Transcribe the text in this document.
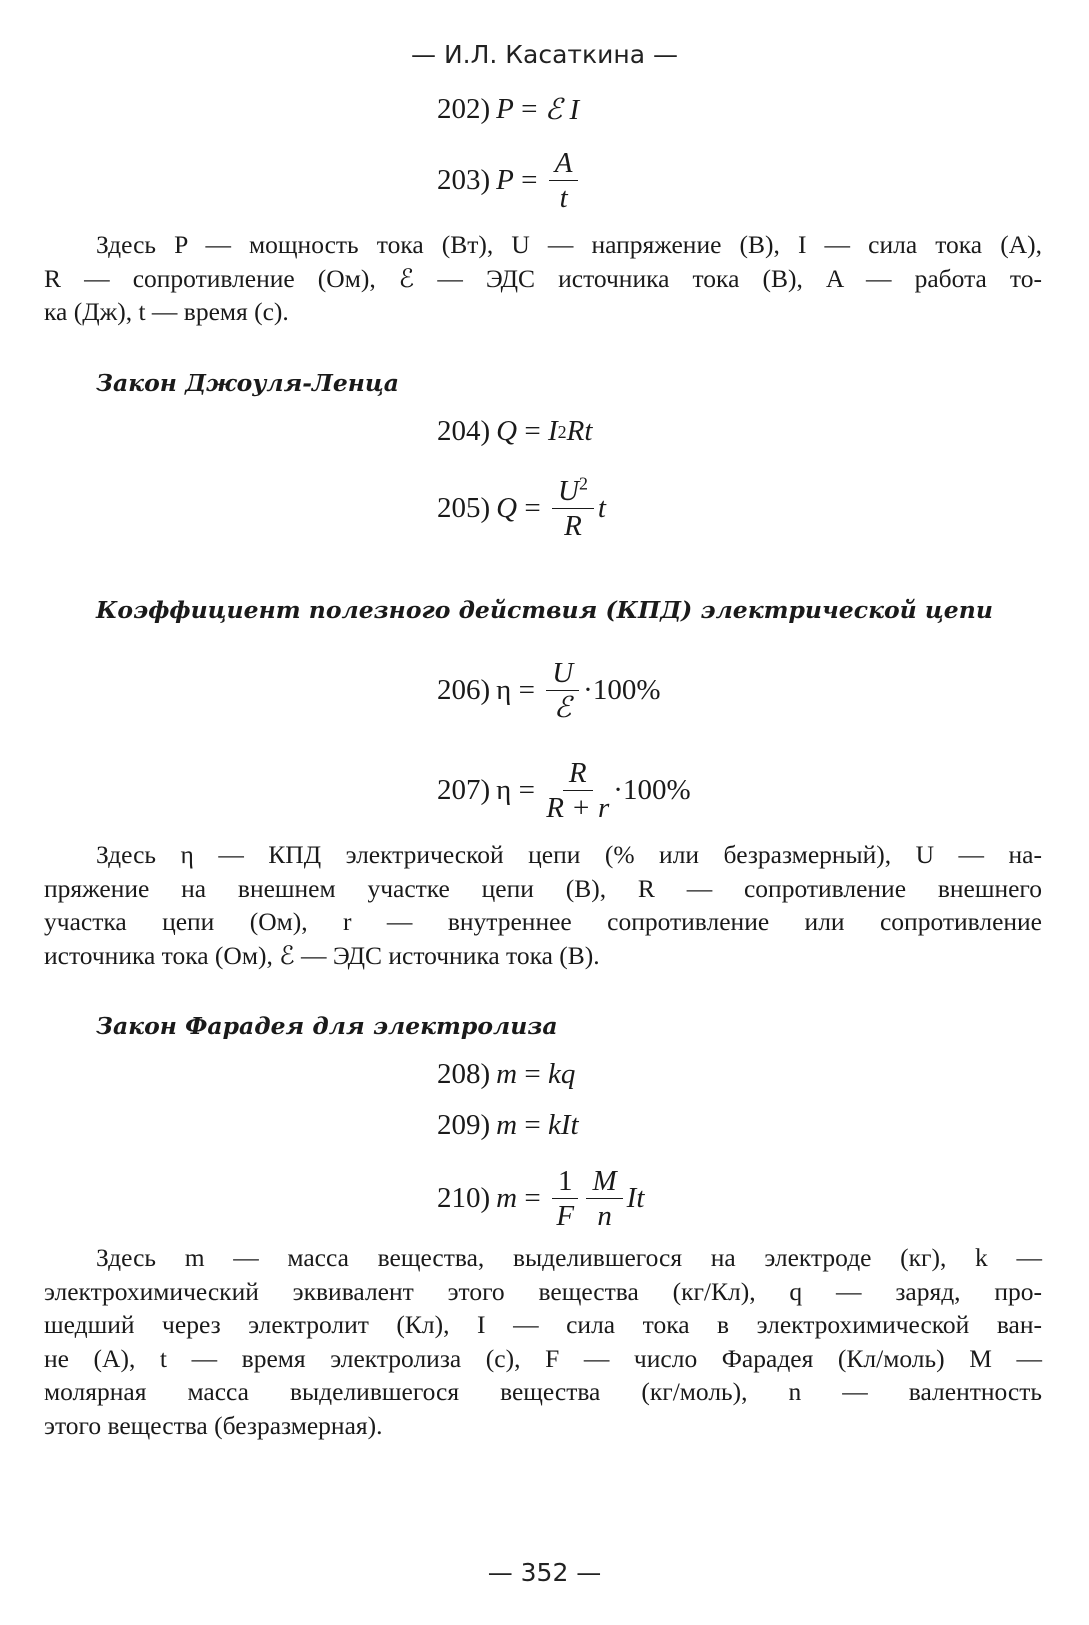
— И.Л. Касаткина —
202) P = ℰ I
203) $P = \frac{A}{t}$
Здесь P — мощность тока (Вт), U — напряжение (В), I — сила тока (А),
R — сопротивление (Ом), ℰ — ЭДС источника тока (В), A — работа то-
ка (Дж), t — время (с).
Закон Джоуля-Ленца
204) Q = I 2 Rt
205) $Q = \frac{U^2}{R}$ t
Коэффициент полезного действия (КПД) электрической цепи
206) $\eta = \frac{U}{\text{ℰ}} \cdot 100\%$
207) $\eta = \frac{R}{R + r} \cdot 100\%$
Здесь η — КПД электрической цепи (% или безразмерный), U — на-
пряжение на внешнем участке цепи (В), R — сопротивление внешнего
участка цепи (Ом), r — внутреннее сопротивление или сопротивление
источника тока (Ом), ℰ — ЭДС источника тока (В).
Закон Фарадея для электролиза
208) m = kq
209) m = kIt
210) $m = \frac{1}{F} \frac{M}{n}$ It
Здесь m — масса вещества, выделившегося на электроде (кг), k —
электрохимический эквивалент этого вещества (кг/Кл), q — заряд, про-
шедший через электролит (Кл), I — сила тока в электрохимической ван-
не (А), t — время электролиза (с), F — число Фарадея (Кл/моль) M —
молярная масса выделившегося вещества (кг/моль), n — валентность
этого вещества (безразмерная).
— 352 —
